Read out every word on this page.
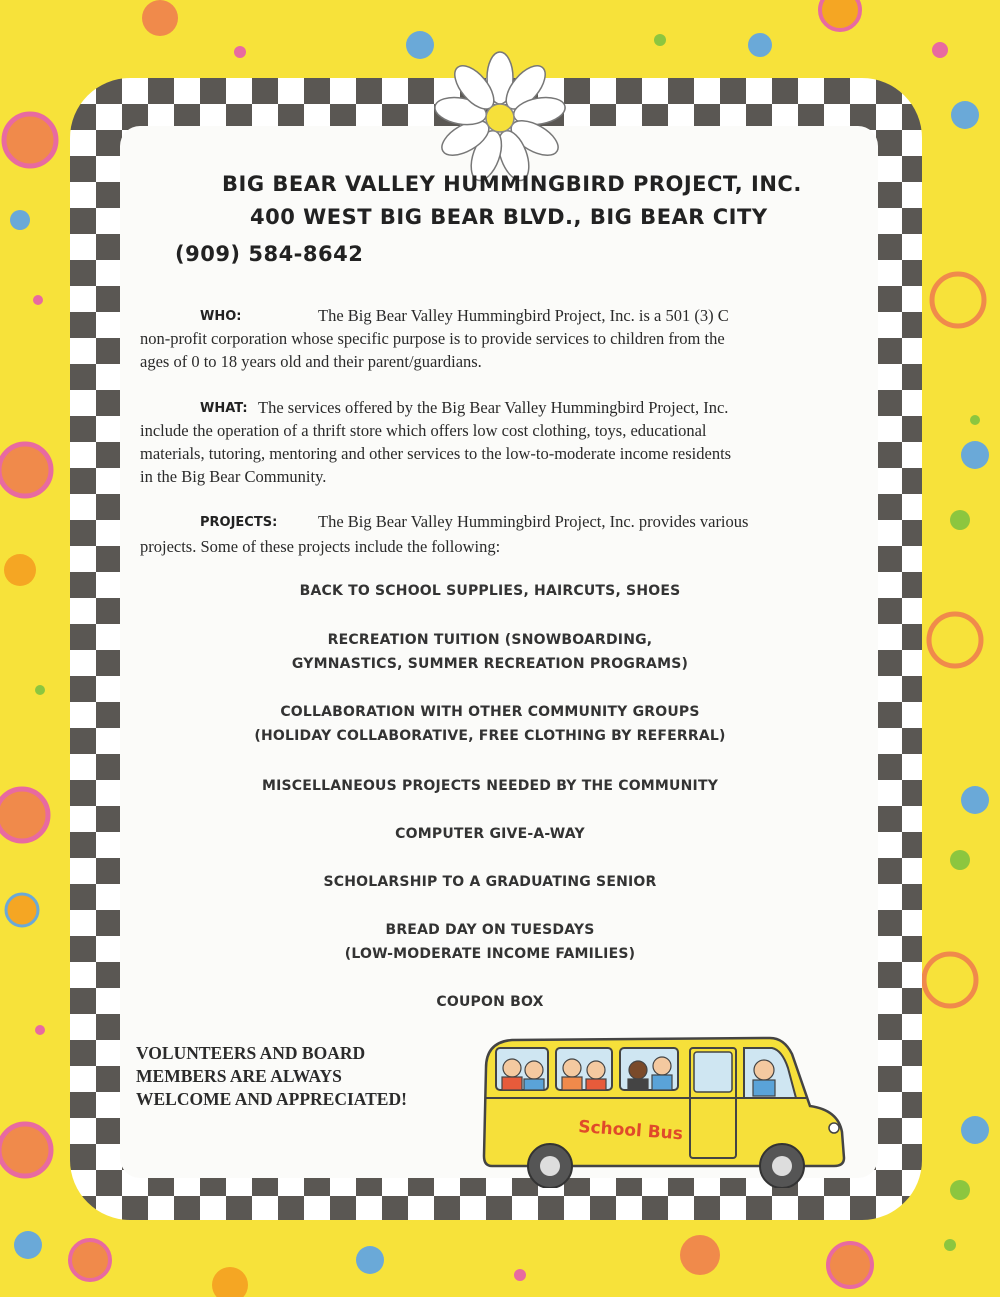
BIG BEAR VALLEY HUMMINGBIRD PROJECT, INC.
400 WEST BIG BEAR BLVD., BIG BEAR CITY
(909) 584-8642
WHO:	The Big Bear Valley Hummingbird Project, Inc. is a 501 (3) C
non-profit corporation whose specific purpose is to provide services to children from the
ages of 0 to 18 years old and their parent/guardians.
WHAT: The services offered by the Big Bear Valley Hummingbird Project, Inc.
include the operation of a thrift store which offers low cost clothing, toys, educational
materials, tutoring, mentoring and other services to the low-to-moderate income residents
in the Big Bear Community.
PROJECTS: The Big Bear Valley Hummingbird Project, Inc. provides various
projects. Some of these projects include the following:
BACK TO SCHOOL SUPPLIES, HAIRCUTS, SHOES
RECREATION TUITION (SNOWBOARDING,
GYMNASTICS, SUMMER RECREATION PROGRAMS)
COLLABORATION WITH OTHER COMMUNITY GROUPS
(HOLIDAY COLLABORATIVE, FREE CLOTHING BY REFERRAL)
MISCELLANEOUS PROJECTS NEEDED BY THE COMMUNITY
COMPUTER GIVE-A-WAY
SCHOLARSHIP TO A GRADUATING SENIOR
BREAD DAY ON TUESDAYS
(LOW-MODERATE INCOME FAMILIES)
COUPON BOX
VOLUNTEERS AND BOARD
MEMBERS ARE ALWAYS
WELCOME AND APPRECIATED!
School Bus
